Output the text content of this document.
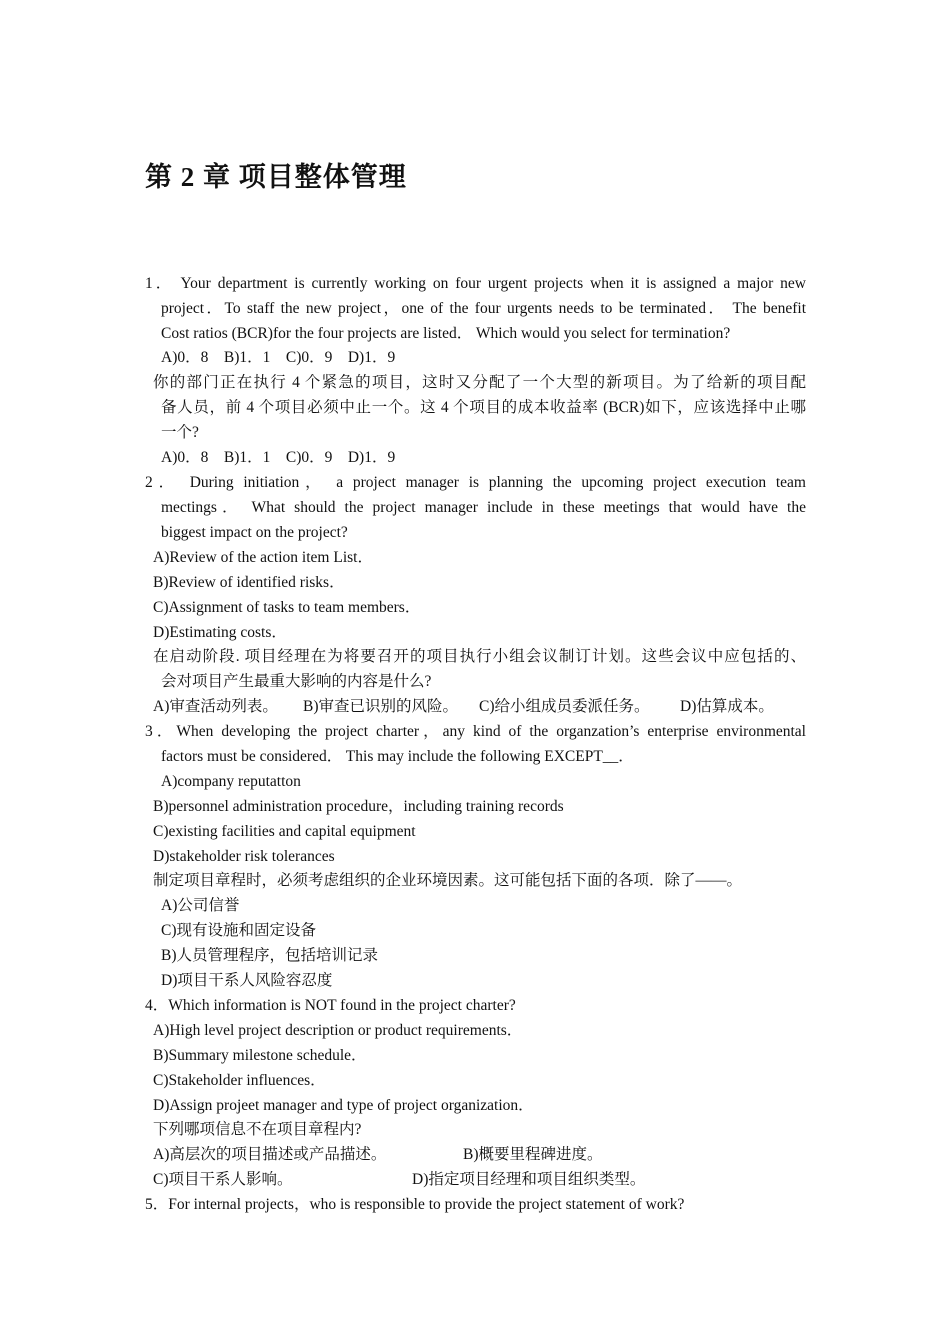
第 2 章 项目整体管理
1． Your department is currently working on four urgent projects when it is assigned a major new
project．To staff the new project，one of the four urgents needs to be terminated． The benefit
Cost ratios (BCR)for the four projects are listed． Which would you select for termination?
A)0．8    B)1．1    C)0．9    D)1．9
你的部门正在执行 4 个紧急的项目，这时又分配了一个大型的新项目。为了给新的项目配
备人员，前 4 个项目必须中止一个。这 4 个项目的成本收益率 (BCR)如下，应该选择中止哪
一个?
A)0．8    B)1．1    C)0．9    D)1．9
2． During initiation， a project manager is planning the upcoming project execution team
mectings． What should the project manager include in these meetings that would have the
biggest impact on the project?
A)Review of the action item List．
B)Review of identified risks．
C)Assignment of tasks to team members．
D)Estimating costs．
在启动阶段. 项目经理在为将要召开的项目执行小组会议制订计划。这些会议中应包括的、
会对项目产生最重大影响的内容是什么?
A)审查活动列表。 B)审查已识别的风险。 C)给小组成员委派任务。 D)估算成本。
3．When developing the project charter，any kind of the organzation’s enterprise environmental
factors must be considered． This may include the following EXCEPT__．
A)company reputatton
B)personnel administration procedure，including training records
C)existing facilities and capital equipment
D)stakeholder risk tolerances
制定项目章程时，必须考虑组织的企业环境因素。这可能包括下面的各项．除了——。
A)公司信誉
C)现有设施和固定设备
B)人员管理程序，包括培训记录
D)项目干系人风险容忍度
4．Which information is NOT found in the project charter?
A)High level project description or product requirements．
B)Summary milestone schedule．
C)Stakeholder influences．
D)Assign projeet manager and type of project organization．
下列哪项信息不在项目章程内?
A)高层次的项目描述或产品描述。	B)概要里程碑进度。
C)项目干系人影响。	D)指定项目经理和项目组织类型。
5．For internal projects，who is responsible to provide the project statement of work?
